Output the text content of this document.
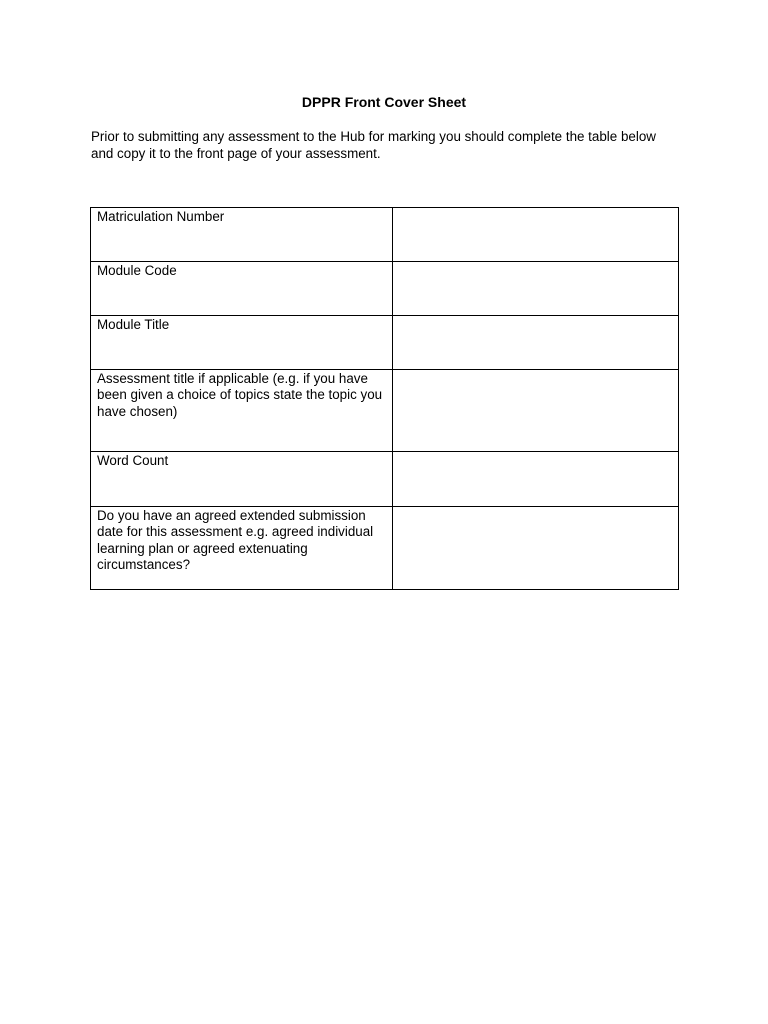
DPPR Front Cover Sheet

Prior to submitting any assessment to the Hub for marking you should complete the table below
and copy it to the front page of your assessment.

Matriculation Number	
Module Code	
Module Title	
Assessment title if applicable (e.g. if you have been given a choice of topics state the topic you have chosen)	
Word Count	
Do you have an agreed extended submission date for this assessment e.g. agreed individual learning plan or agreed extenuating circumstances?	
